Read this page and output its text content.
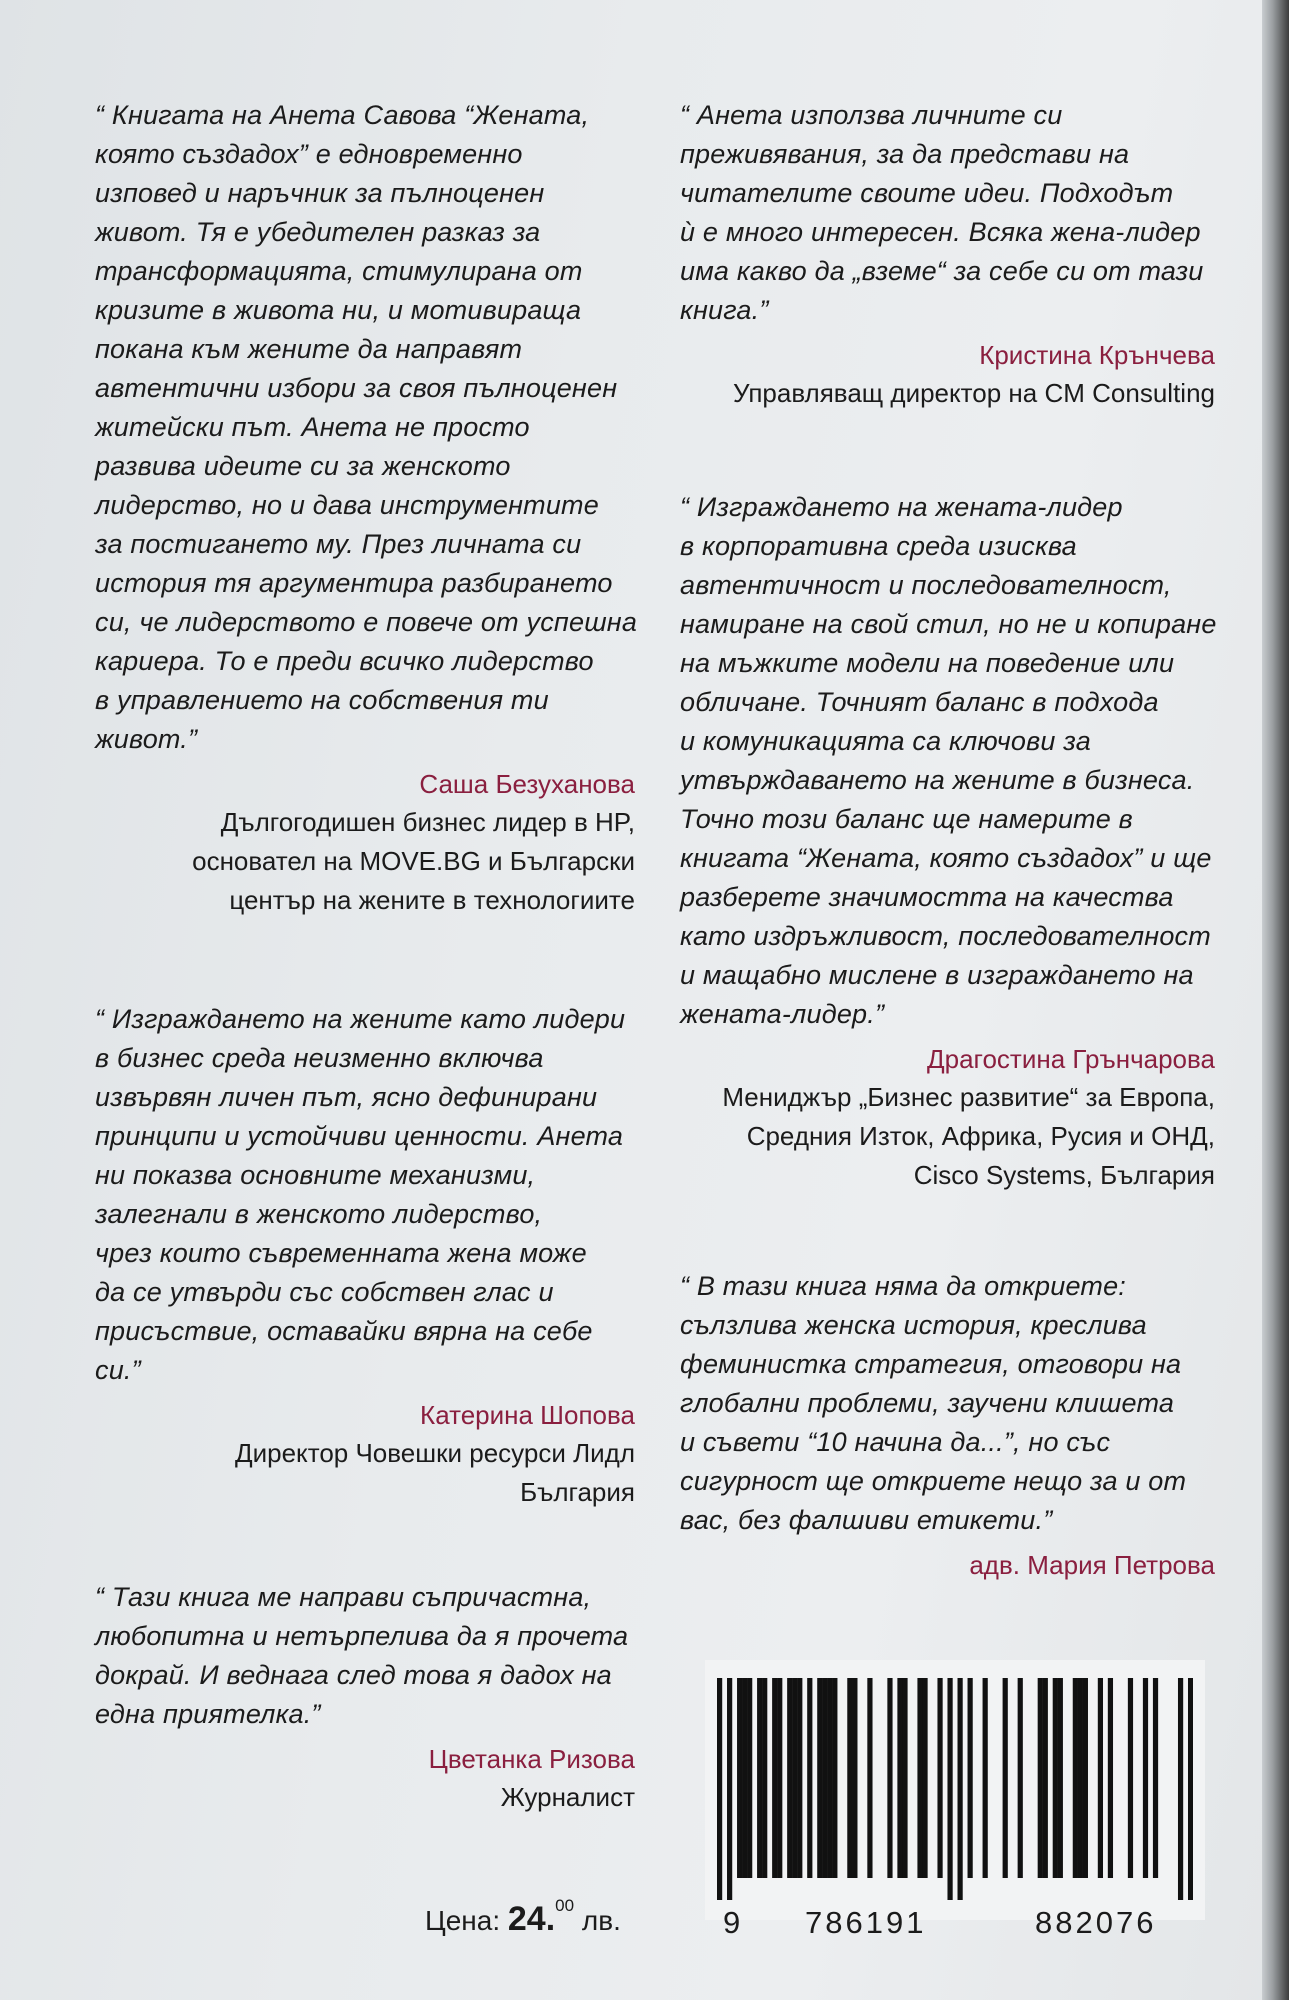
“ Книгата на Анета Савова “Жената,
която създадох” е едновременно
изповед и наръчник за пълноценен
живот. Тя е убедителен разказ за
трансформацията, стимулирана от
кризите в живота ни, и мотивираща
покана към жените да направят
автентични избори за своя пълноценен
житейски път. Анета не просто
развива идеите си за женското
лидерство, но и дава инструментите
за постигането му. През личната си
история тя аргументира разбирането
си, че лидерството е повече от успешна
кариера. То е преди всичко лидерство
в управлението на собствения ти
живот.”

Саша Безуханова

Дългогодишен бизнес лидер в HP,
основател на MOVE.BG и Български
център на жените в технологиите

“ Изграждането на жените като лидери
в бизнес среда неизменно включва
извървян личен път, ясно дефинирани
принципи и устойчиви ценности. Анета
ни показва основните механизми,
залегнали в женското лидерство,
чрез които съвременната жена може
да се утвърди със собствен глас и
присъствие, оставайки вярна на себе
си.”

Катерина Шопова

Директор Човешки ресурси Лидл
България

“ Тази книга ме направи съпричастна,
любопитна и нетърпелива да я прочета
докрай. И веднага след това я дадох на
една приятелка.”

Цветанка Ризова

Журналист

“ Анета използва личните си
преживявания, за да представи на
читателите своите идеи. Подходът
ѝ е много интересен. Всяка жена-лидер
има какво да „вземе“ за себе си от тази
книга.”

Кристина Крънчева

Управляващ директор на CM Consulting

“ Изграждането на жената-лидер
в корпоративна среда изисква
автентичност и последователност,
намиране на свой стил, но не и копиране
на мъжките модели на поведение или
обличане. Точният баланс в подхода
и комуникацията са ключови за
утвърждаването на жените в бизнеса.
Точно този баланс ще намерите в
книгата “Жената, която създадох” и ще
разберете значимостта на качества
като издръжливост, последователност
и мащабно мислене в изграждането на
жената-лидер.”

Драгостина Грънчарова

Мениджър „Бизнес развитие“ за Европа,
Средния Изток, Африка, Русия и ОНД,
Cisco Systems, България

“ В тази книга няма да откриете:
сълзлива женска история, креслива
феминистка стратегия, отговори на
глобални проблеми, заучени клишета
и съвети “10 начина да...”, но със
сигурност ще откриете нещо за и от
вас, без фалшиви етикети.”

адв. Мария Петрова

Цена: 24.00 лв.	9 786191	882076
